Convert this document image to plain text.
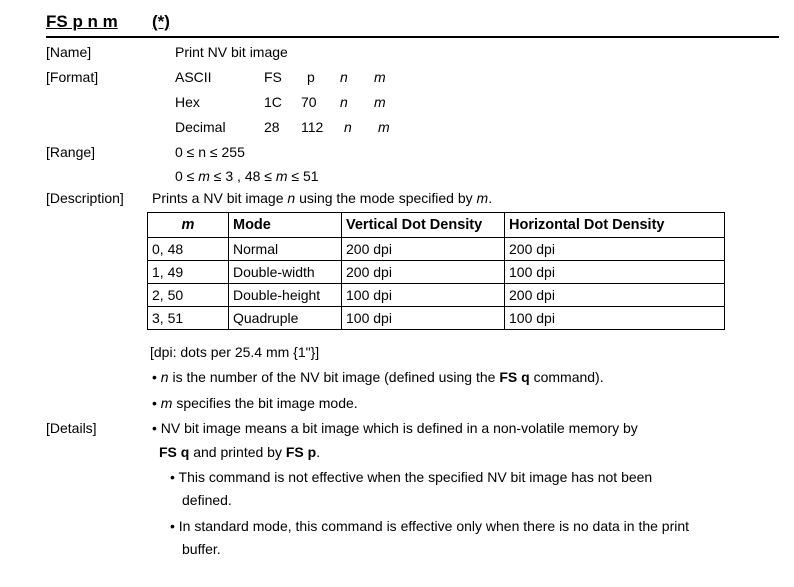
FS p n m (*)
[Name]	Print NV bit image
[Format]	ASCII	FS p n m
Hex	1C 70 n m
Decimal	28 112 n m
[Range]	0 ≤ n ≤ 255
0 ≤ m ≤ 3 , 48 ≤ m ≤ 51
[Description] Prints a NV bit image n using the mode specified by m.
m	Mode	Vertical Dot Density	Horizontal Dot Density
0, 48	Normal	200 dpi	200 dpi
1, 49	Double-width	200 dpi	100 dpi
2, 50	Double-height	100 dpi	200 dpi
3, 51	Quadruple	100 dpi	100 dpi
[dpi: dots per 25.4 mm {1"}]
• n is the number of the NV bit image (defined using the FS q command).
• m specifies the bit image mode.
[Details]	• NV bit image means a bit image which is defined in a non-volatile memory by
FS q and printed by FS p.
• This command is not effective when the specified NV bit image has not been
defined.
• In standard mode, this command is effective only when there is no data in the print
buffer.
